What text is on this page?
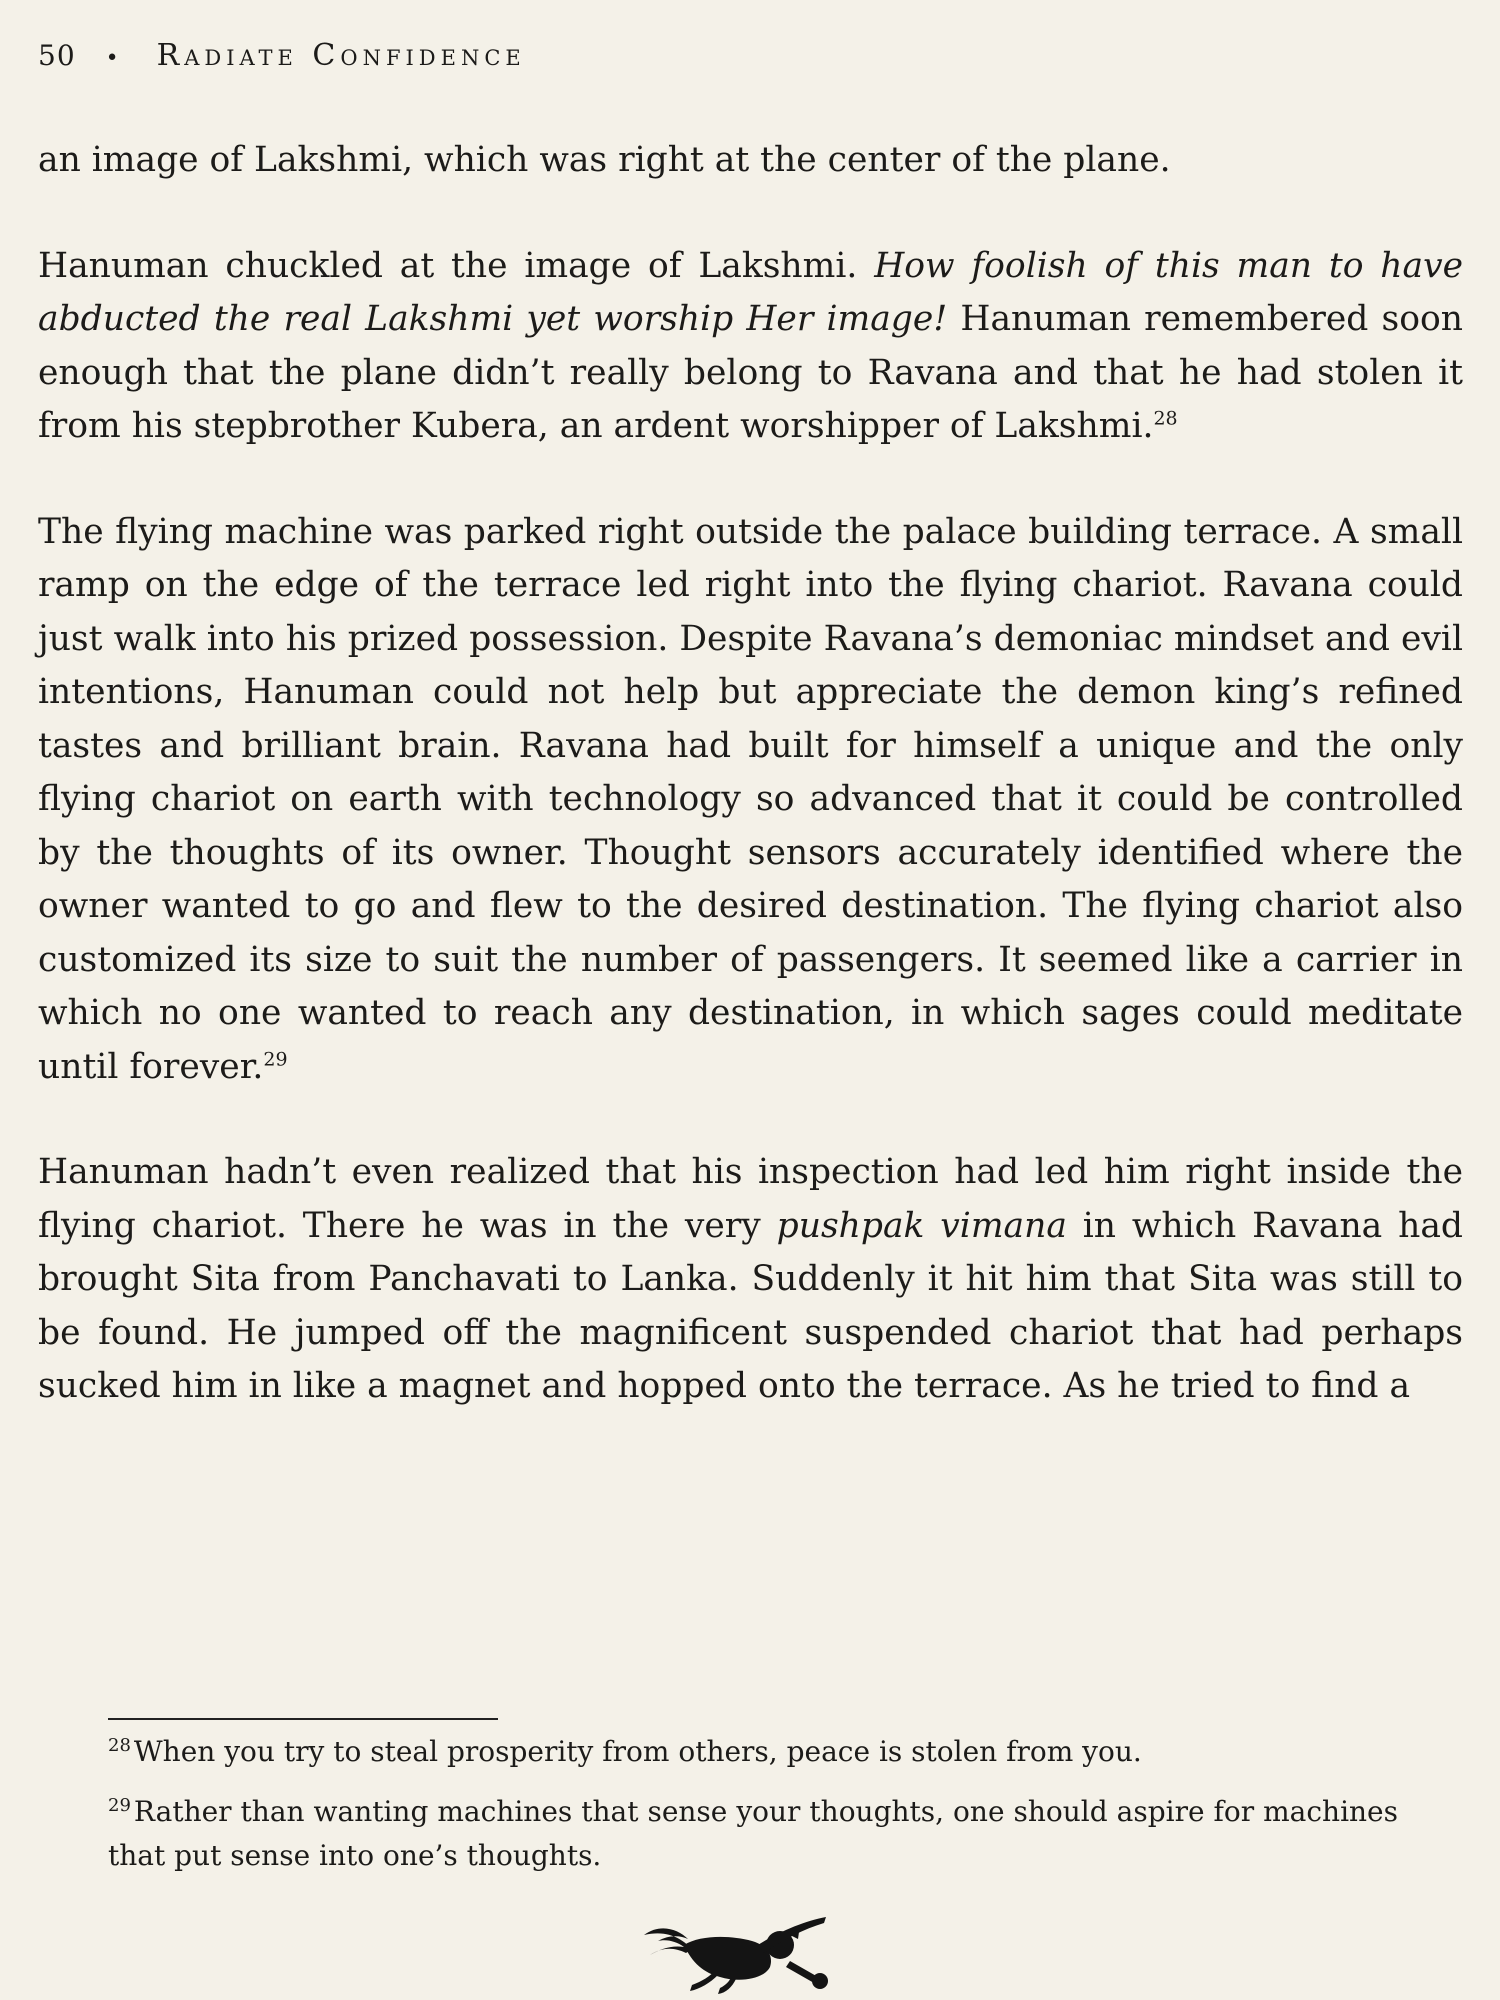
50 • Radiate Confidence

an image of Lakshmi, which was right at the center of the plane.

Hanuman chuckled at the image of Lakshmi. How foolish of this man to have abducted the real Lakshmi yet worship Her image! Hanuman remembered soon enough that the plane didn’t really belong to Ravana and that he had stolen it from his stepbrother Kubera, an ardent worshipper of Lakshmi.$^{28}$

The flying machine was parked right outside the palace building terrace. A small ramp on the edge of the terrace led right into the flying chariot. Ravana could just walk into his prized possession. Despite Ravana’s demoniac mindset and evil intentions, Hanuman could not help but appreciate the demon king’s refined tastes and brilliant brain. Ravana had built for himself a unique and the only flying chariot on earth with technology so advanced that it could be controlled by the thoughts of its owner. Thought sensors accurately identified where the owner wanted to go and flew to the desired destination. The flying chariot also customized its size to suit the number of passengers. It seemed like a carrier in which no one wanted to reach any destination, in which sages could meditate until forever.$^{29}$

Hanuman hadn’t even realized that his inspection had led him right inside the flying chariot. There he was in the very pushpak vimana in which Ravana had brought Sita from Panchavati to Lanka. Suddenly it hit him that Sita was still to be found. He jumped off the magnificent suspended chariot that had perhaps sucked him in like a magnet and hopped onto the terrace. As he tried to find a

$^{28}$ When you try to steal prosperity from others, peace is stolen from you.

$^{29}$ Rather than wanting machines that sense your thoughts, one should aspire for machines that put sense into one’s thoughts.
